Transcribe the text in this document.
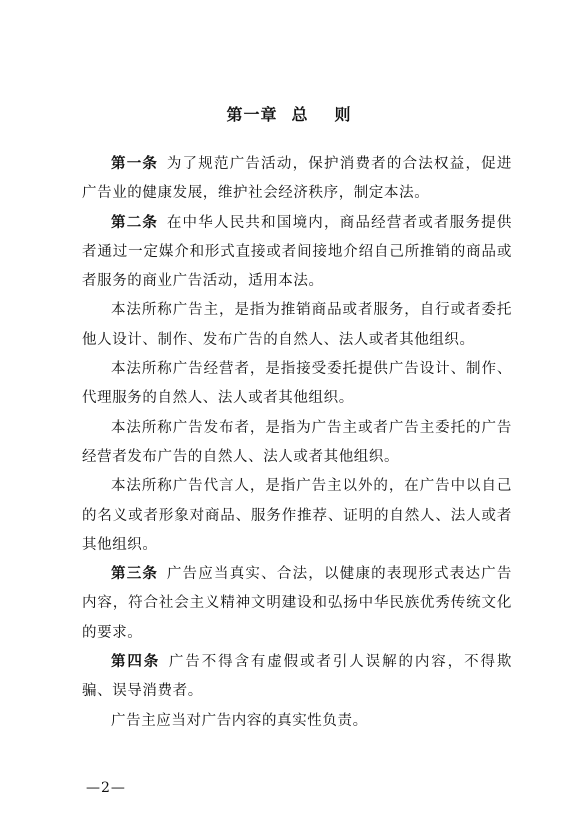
第一章 总 则

第一条 为了规范广告活动，保护消费者的合法权益，促进广告业的健康发展，维护社会经济秩序，制定本法。

第二条 在中华人民共和国境内，商品经营者或者服务提供者通过一定媒介和形式直接或者间接地介绍自己所推销的商品或者服务的商业广告活动，适用本法。

本法所称广告主，是指为推销商品或者服务，自行或者委托他人设计、制作、发布广告的自然人、法人或者其他组织。

本法所称广告经营者，是指接受委托提供广告设计、制作、代理服务的自然人、法人或者其他组织。

本法所称广告发布者，是指为广告主或者广告主委托的广告经营者发布广告的自然人、法人或者其他组织。

本法所称广告代言人，是指广告主以外的，在广告中以自己的名义或者形象对商品、服务作推荐、证明的自然人、法人或者其他组织。

第三条 广告应当真实、合法，以健康的表现形式表达广告内容，符合社会主义精神文明建设和弘扬中华民族优秀传统文化的要求。

第四条 广告不得含有虚假或者引人误解的内容，不得欺骗、误导消费者。

广告主应当对广告内容的真实性负责。

—2—
